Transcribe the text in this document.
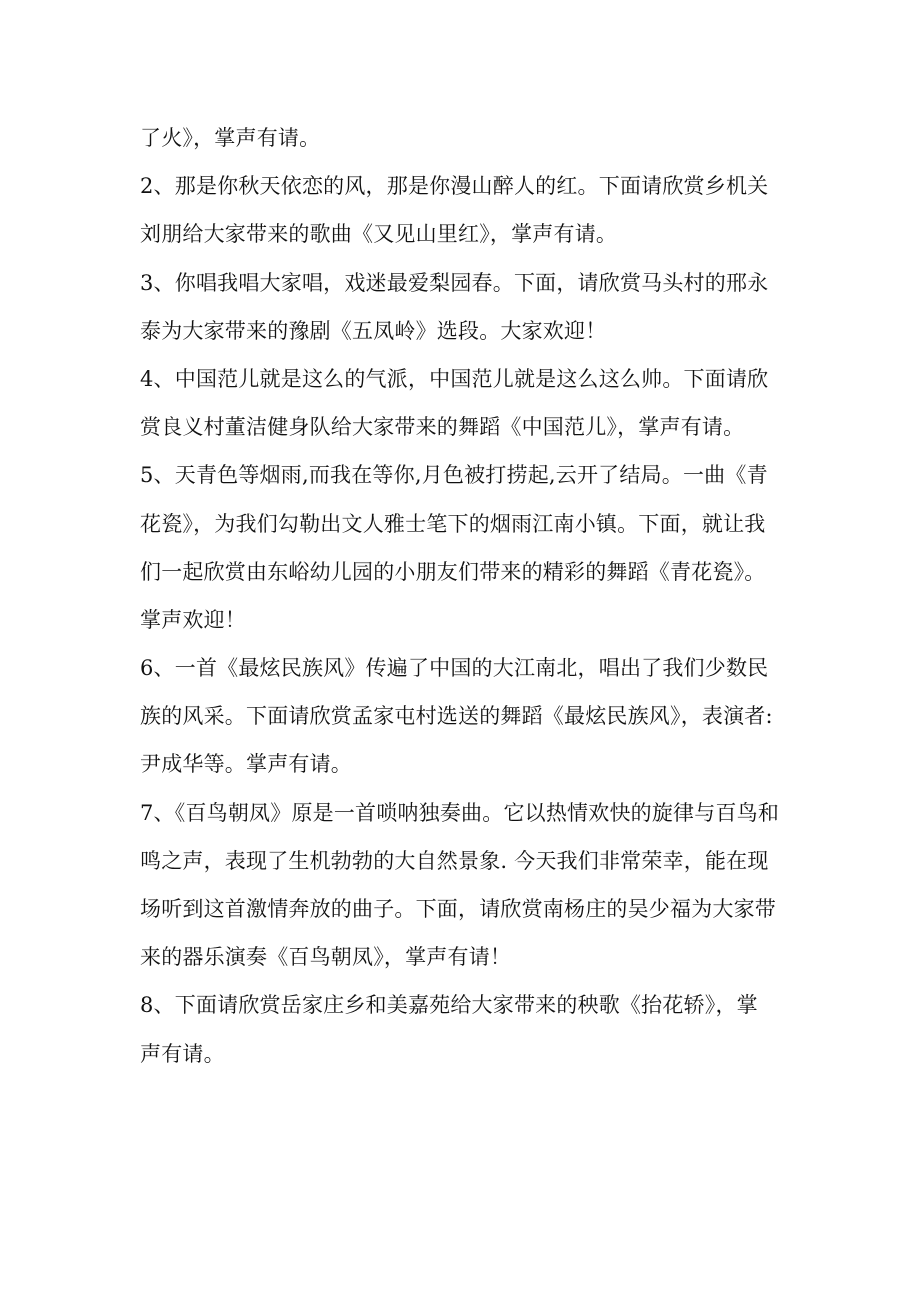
了火》，掌声有请。
2、那是你秋天依恋的风，那是你漫山醉人的红。下面请欣赏乡机关
刘朋给大家带来的歌曲《又见山里红》，掌声有请。
3、你唱我唱大家唱，戏迷最爱梨园春。下面，请欣赏马头村的邢永
泰为大家带来的豫剧《五凤岭》选段。大家欢迎！
4、中国范儿就是这么的气派，中国范儿就是这么这么帅。下面请欣
赏良义村董洁健身队给大家带来的舞蹈《中国范儿》，掌声有请。
5、天青色等烟雨,而我在等你,月色被打捞起,云开了结局。一曲《青
花瓷》，为我们勾勒出文人雅士笔下的烟雨江南小镇。下面，就让我
们一起欣赏由东峪幼儿园的小朋友们带来的精彩的舞蹈《青花瓷》。
掌声欢迎！
6、一首《最炫民族风》传遍了中国的大江南北，唱出了我们少数民
族的风采。下面请欣赏孟家屯村选送的舞蹈《最炫民族风》，表演者:
尹成华等。掌声有请。
7、《百鸟朝凤》原是一首唢呐独奏曲。它以热情欢快的旋律与百鸟和
鸣之声，表现了生机勃勃的大自然景象. 今天我们非常荣幸，能在现
场听到这首激情奔放的曲子。下面，请欣赏南杨庄的吴少福为大家带
来的器乐演奏《百鸟朝凤》，掌声有请！
8、下面请欣赏岳家庄乡和美嘉苑给大家带来的秧歌《抬花轿》，掌
声有请。
